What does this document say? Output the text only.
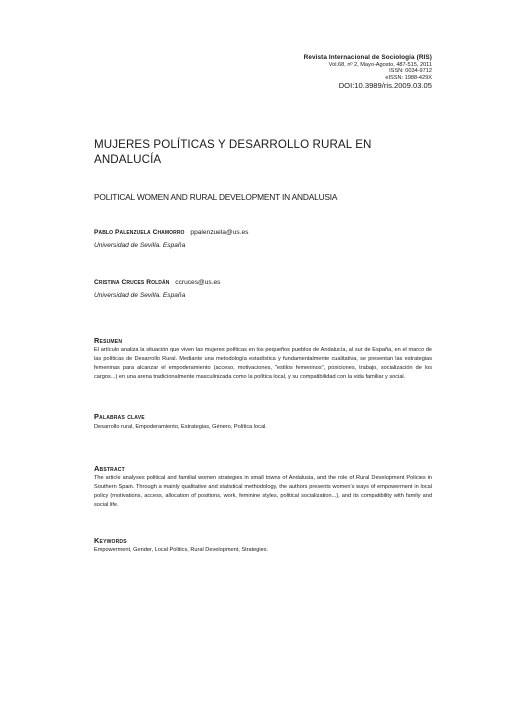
Revista Internacional de Sociología (RIS)
Vol.68, nº 2, Mayo-Agosto, 487-515, 2011
ISSN: 0034-9712
eISSN: 1988-429X
DOI:10.3989/ris.2009.03.05
MUJERES POLÍTICAS Y DESARROLLO RURAL EN
ANDALUCÍA
POLITICAL WOMEN AND RURAL DEVELOPMENT IN ANDALUSIA
Pablo Palenzuela Chamorro ppalenzuela@us.es
Universidad de Sevilla. España
Cristina Cruces Roldán ccruces@us.es
Universidad de Sevilla. España
Resumen
El artículo analiza la situación que viven las mujeres políticas en los pequeños pueblos de Andalucía, al sur de España, en el marco de las políticas de Desarrollo Rural. Mediante una metodología estadística y fundamentalmente cualitativa, se presentan las estrategias femeninas para alcanzar el empoderamiento (acceso, motivaciones, "estilos femeninos", posiciones, trabajo, socialización de los cargos...) en una arena tradicionalmente masculinizada como la política local, y su compatibilidad con la vida familiar y social.
Palabras clave
Desarrollo rural, Empoderamiento, Estrategias, Género, Política local.
Abstract
The article analyses political and familial women strategies in small towns of Andalusia, and the role of Rural Development Policies in Southern Spain. Through a mainly qualitative and statistical methodology, the authors presents women's ways of empowerment in local policy (motivations, access, allocation of positions, work, feminine styles, political socialization...), and its compatibility with family and social life.
Keywords
Empowerment, Gender, Local Politics, Rural Development, Strategies.
